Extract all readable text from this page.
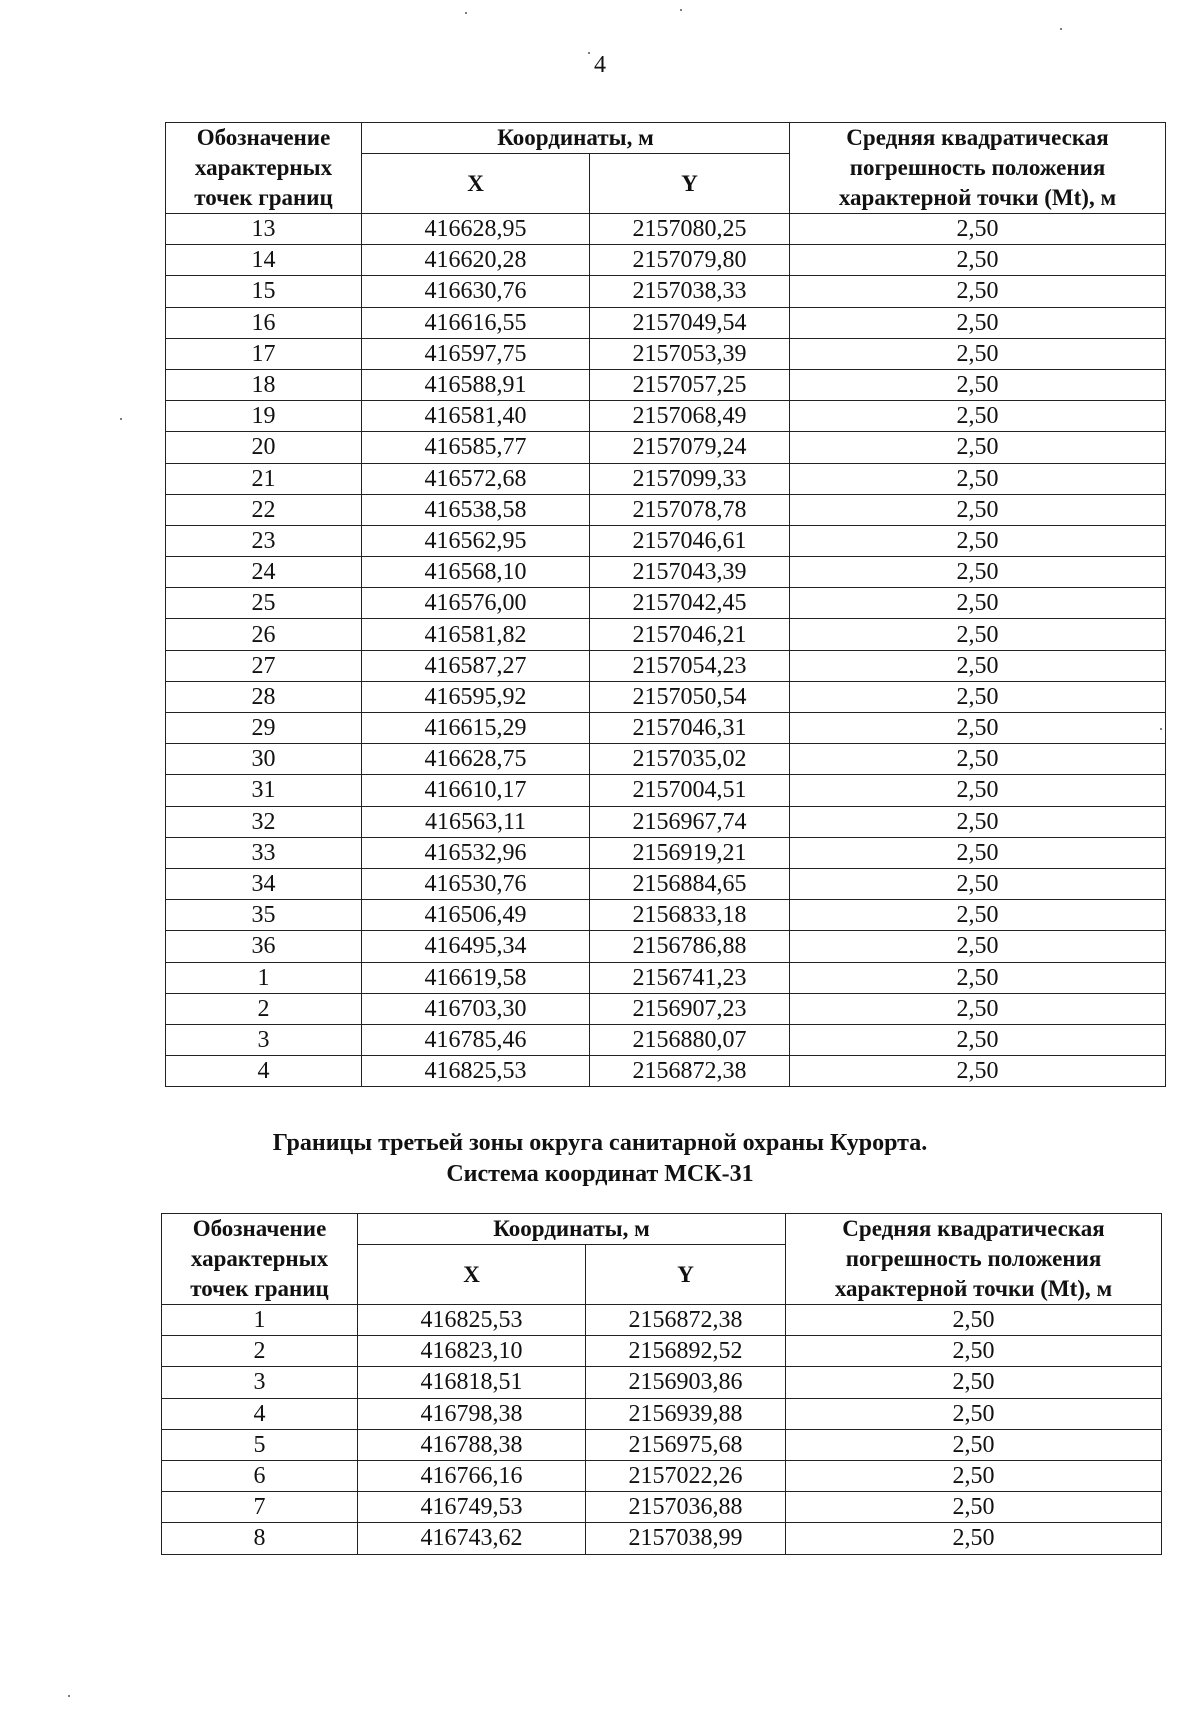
4
Обозначение характерных точек границ	Координаты, м		Средняя квадратическая погрешность положения характерной точки (Mt), м
	X	Y	
13	416628,95	2157080,25	2,50
14	416620,28	2157079,80	2,50
15	416630,76	2157038,33	2,50
16	416616,55	2157049,54	2,50
17	416597,75	2157053,39	2,50
18	416588,91	2157057,25	2,50
19	416581,40	2157068,49	2,50
20	416585,77	2157079,24	2,50
21	416572,68	2157099,33	2,50
22	416538,58	2157078,78	2,50
23	416562,95	2157046,61	2,50
24	416568,10	2157043,39	2,50
25	416576,00	2157042,45	2,50
26	416581,82	2157046,21	2,50
27	416587,27	2157054,23	2,50
28	416595,92	2157050,54	2,50
29	416615,29	2157046,31	2,50
30	416628,75	2157035,02	2,50
31	416610,17	2157004,51	2,50
32	416563,11	2156967,74	2,50
33	416532,96	2156919,21	2,50
34	416530,76	2156884,65	2,50
35	416506,49	2156833,18	2,50
36	416495,34	2156786,88	2,50
1	416619,58	2156741,23	2,50
2	416703,30	2156907,23	2,50
3	416785,46	2156880,07	2,50
4	416825,53	2156872,38	2,50
Границы третьей зоны округа санитарной охраны Курорта.
Система координат МСК-31
Обозначение характерных точек границ	Координаты, м		Средняя квадратическая погрешность положения характерной точки (Mt), м
	X	Y	
1	416825,53	2156872,38	2,50
2	416823,10	2156892,52	2,50
3	416818,51	2156903,86	2,50
4	416798,38	2156939,88	2,50
5	416788,38	2156975,68	2,50
6	416766,16	2157022,26	2,50
7	416749,53	2157036,88	2,50
8	416743,62	2157038,99	2,50
